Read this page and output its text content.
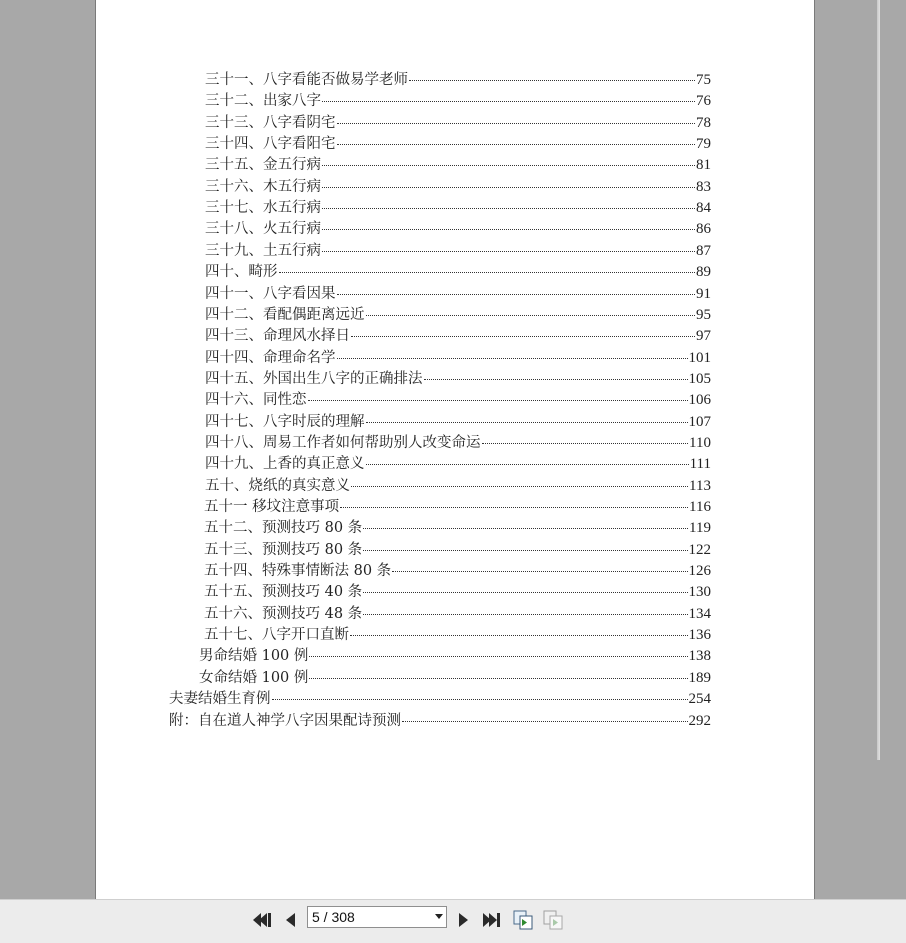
三十一、八字看能否做易学老师	75
三十二、出家八字	76
三十三、八字看阴宅	78
三十四、八字看阳宅	79
三十五、金五行病	81
三十六、木五行病	83
三十七、水五行病	84
三十八、火五行病	86
三十九、土五行病	87
四十、畸形	89
四十一、八字看因果	91
四十二、看配偶距离远近	95
四十三、命理风水择日	97
四十四、命理命名学	101
四十五、外国出生八字的正确排法	105
四十六、同性恋	106
四十七、八字时辰的理解	107
四十八、周易工作者如何帮助别人改变命运	110
四十九、上香的真正意义	111
五十、烧纸的真实意义	113
五十一 移坟注意事项	116
五十二、预测技巧 80 条	119
五十三、预测技巧 80 条	122
五十四、特殊事情断法 80 条	126
五十五、预测技巧 40 条	130
五十六、预测技巧 48 条	134
五十七、八字开口直断	136
男命结婚 100 例	138
女命结婚 100 例	189
夫妻结婚生育例	254
附：自在道人神学八字因果配诗预测	292
5 / 308
